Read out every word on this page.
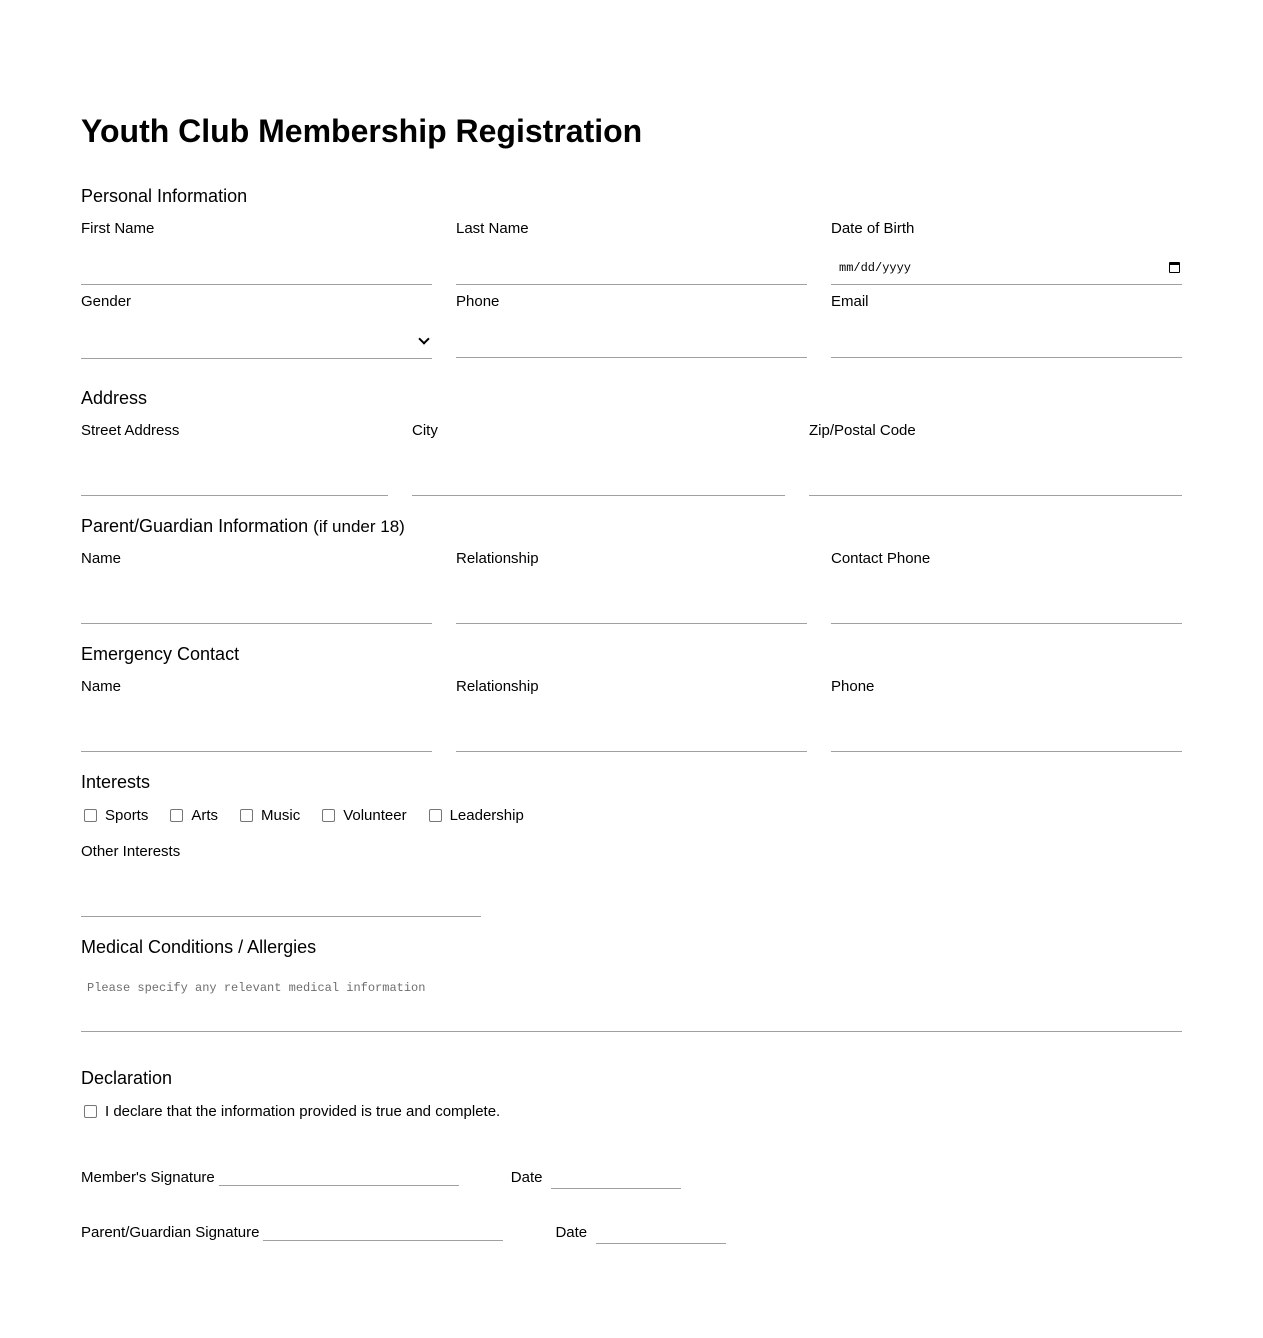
Youth Club Membership Registration
Personal Information
First Name	Last Name	Date of Birth
mm/dd/yyyy
Gender	Phone	Email
Address
Street Address	City	Zip/Postal Code
Parent/Guardian Information (if under 18)
Name	Relationship	Contact Phone
Emergency Contact
Name	Relationship	Phone
Interests
Sports	Arts	Music	Volunteer	Leadership
Other Interests
Medical Conditions / Allergies
Please specify any relevant medical information
Declaration
I declare that the information provided is true and complete.
Member's Signature	Date
Parent/Guardian Signature	Date
